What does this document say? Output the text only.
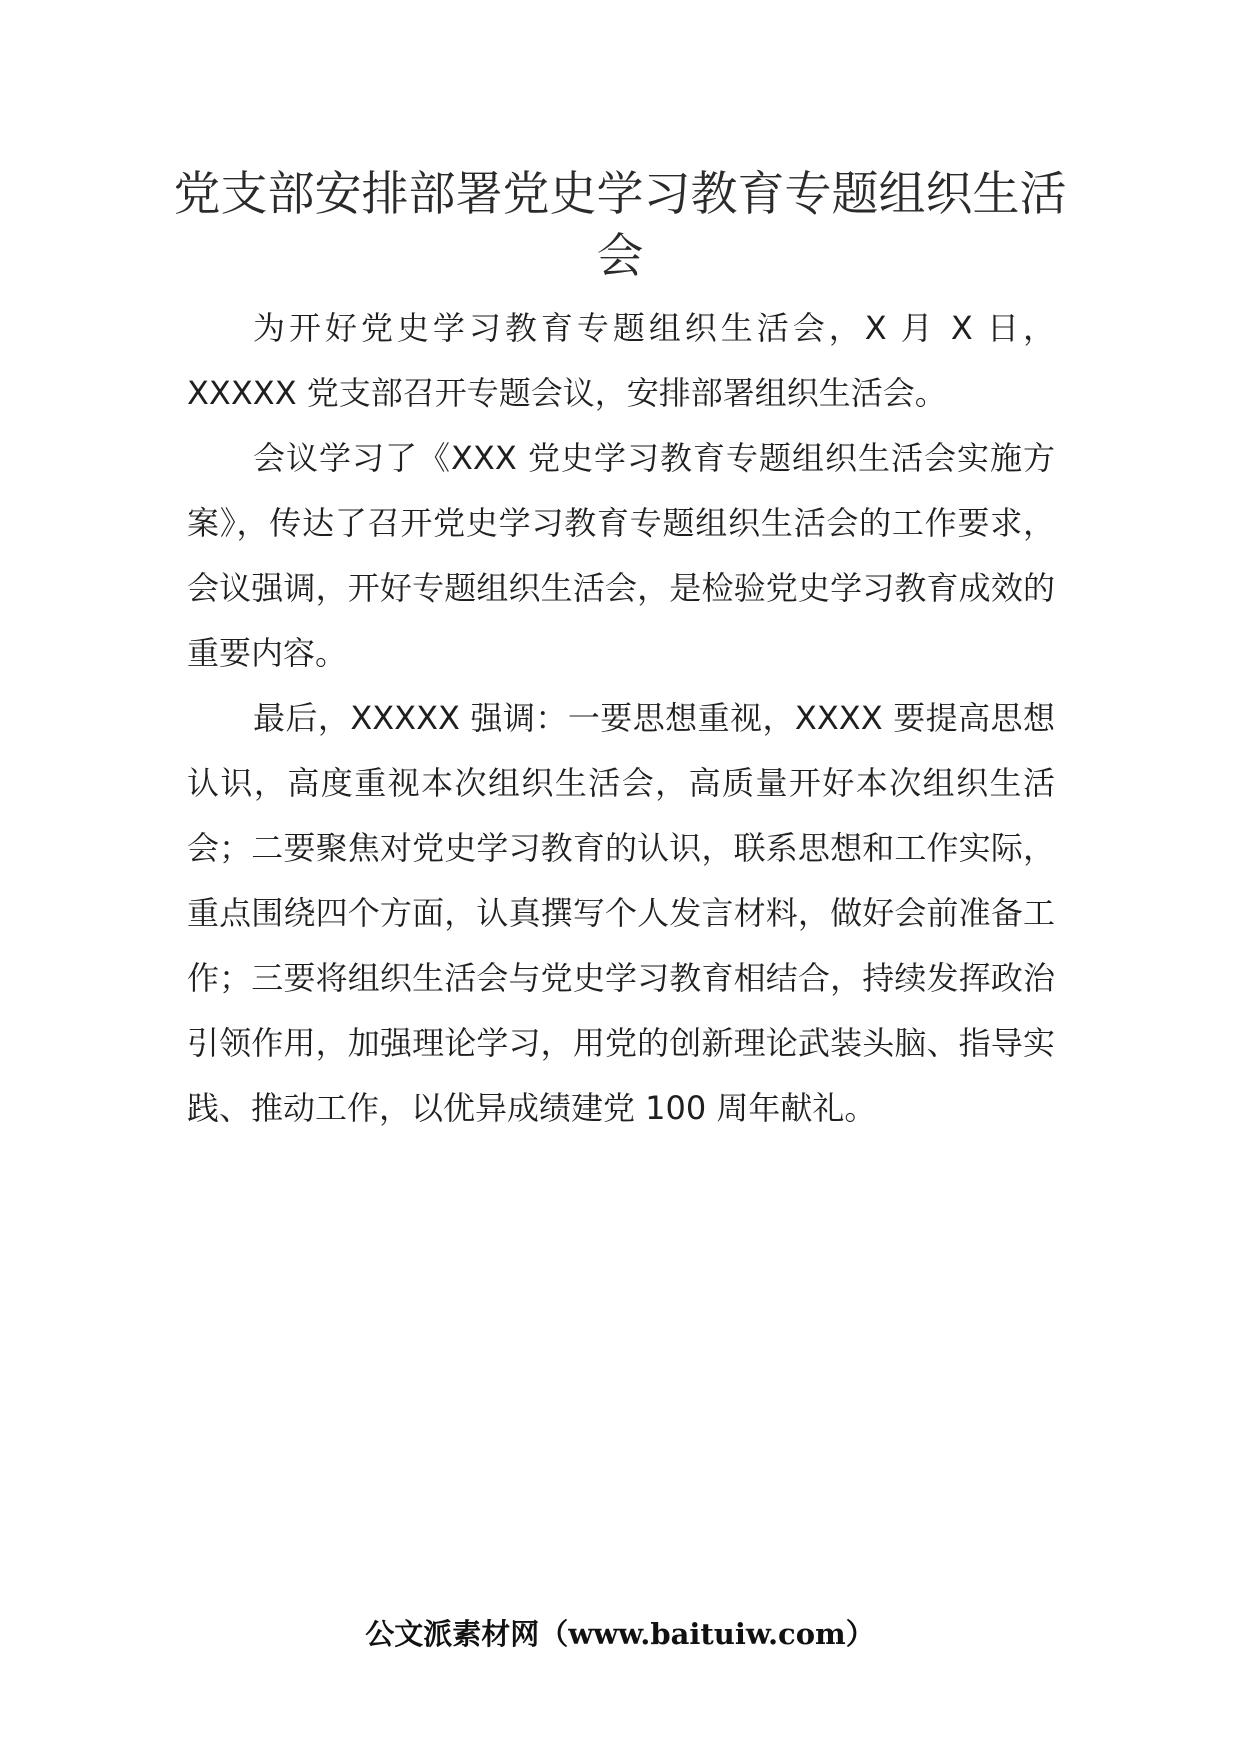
党支部安排部署党史学习教育专题组织生活会

为开好党史学习教育专题组织生活会，X 月 X 日，XXXXX 党支部召开专题会议，安排部署组织生活会。

会议学习了《XXX 党史学习教育专题组织生活会实施方案》，传达了召开党史学习教育专题组织生活会的工作要求，会议强调，开好专题组织生活会，是检验党史学习教育成效的重要内容。

最后，XXXXX 强调：一要思想重视，XXXX 要提高思想认识，高度重视本次组织生活会，高质量开好本次组织生活会；二要聚焦对党史学习教育的认识，联系思想和工作实际，重点围绕四个方面，认真撰写个人发言材料，做好会前准备工作；三要将组织生活会与党史学习教育相结合，持续发挥政治引领作用，加强理论学习，用党的创新理论武装头脑、指导实践、推动工作，以优异成绩建党 100 周年献礼。

公文派素材网（www.baituiw.com）
